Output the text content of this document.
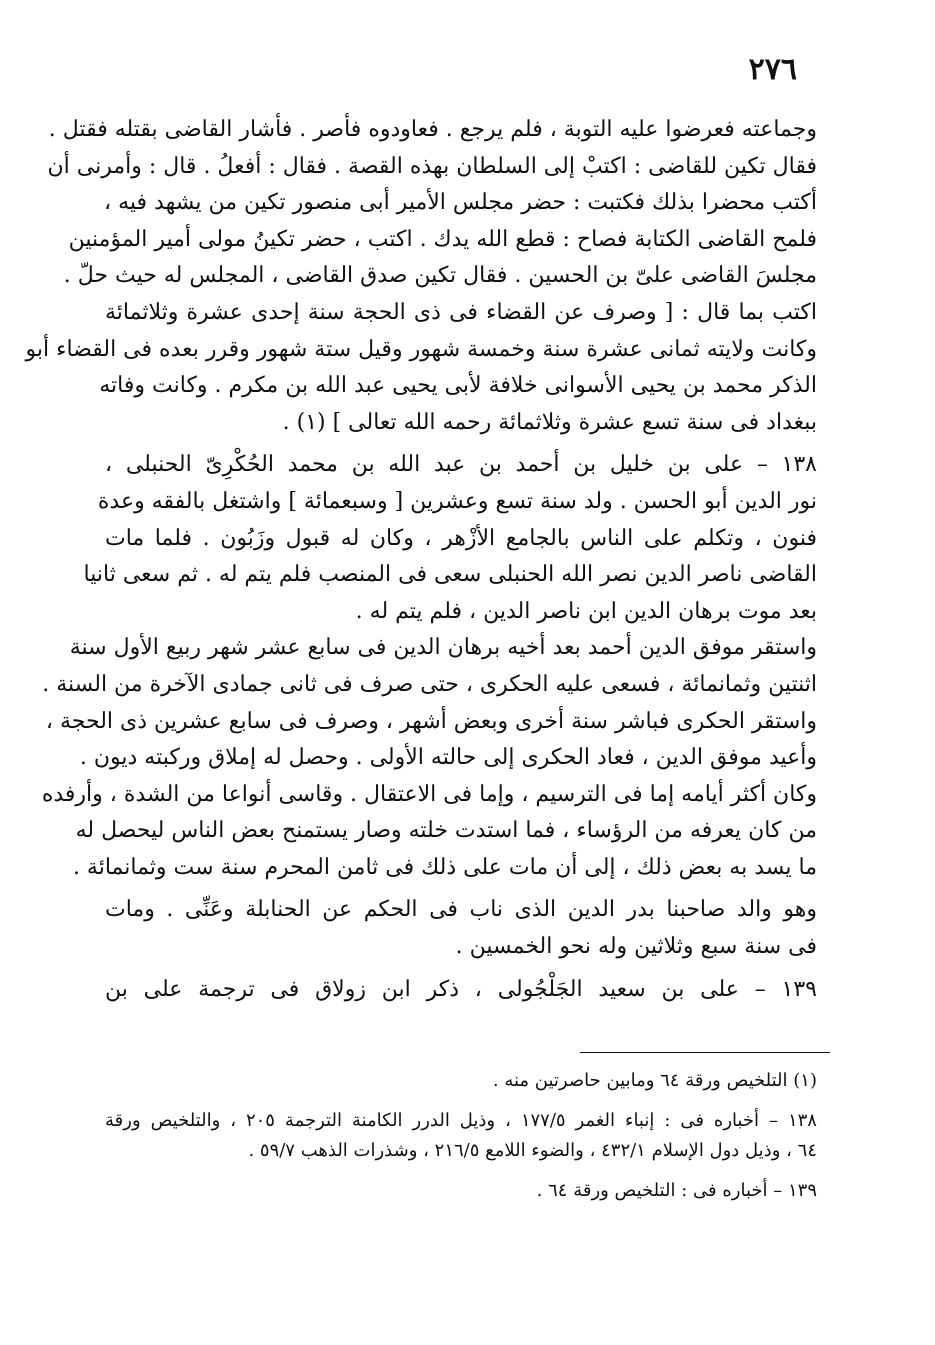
٢٧٦
وجماعته فعرضوا عليه التوبة ، فلم يرجع . فعاودوه فأصر . فأشار القاضى بقتله فقتل .
فقال تكين للقاضى : اكتبْ إلى السلطان بهذه القصة . فقال : أفعلُ . قال : وأمرنى أن
أكتب محضرا بذلك فكتبت : حضر مجلس الأمير أبى منصور تكين من يشهد فيه ،
فلمح القاضى الكتابة فصاح : قطع الله يدك . اكتب ، حضر تكينُ مولى أمير المؤمنين
مجلسَ القاضى علىّ بن الحسين . فقال تكين صدق القاضى ، المجلس له حيث حلّ .
اكتب بما قال : [ وصرف عن القضاء فى ذى الحجة سنة إحدى عشرة وثلاثمائة
وكانت ولايته ثمانى عشرة سنة وخمسة شهور وقيل ستة شهور وقرر بعده فى القضاء أبو
الذكر محمد بن يحيى الأسوانى خلافة لأبى يحيى عبد الله بن مكرم . وكانت وفاته
ببغداد فى سنة تسع عشرة وثلاثمائة رحمه الله تعالى ] (١) .
١٣٨ – على بن خليل بن أحمد بن عبد الله بن محمد الحُكْرِىّ الحنبلى ،
نور الدين أبو الحسن . ولد سنة تسع وعشرين [ وسبعمائة ] واشتغل بالفقه وعدة
فنون ، وتكلم على الناس بالجامع الأزْهر ، وكان له قبول وزَبُون . فلما مات
القاضى ناصر الدين نصر الله الحنبلى سعى فى المنصب فلم يتم له . ثم سعى ثانيا
بعد موت برهان الدين ابن ناصر الدين ، فلم يتم له .
واستقر موفق الدين أحمد بعد أخيه برهان الدين فى سابع عشر شهر ربيع الأول سنة
اثنتين وثمانمائة ، فسعى عليه الحكرى ، حتى صرف فى ثانى جمادى الآخرة من السنة .
واستقر الحكرى فباشر سنة أخرى وبعض أشهر ، وصرف فى سابع عشرين ذى الحجة ،
وأعيد موفق الدين ، فعاد الحكرى إلى حالته الأولى . وحصل له إملاق وركبته ديون .
وكان أكثر أيامه إما فى الترسيم ، وإما فى الاعتقال . وقاسى أنواعا من الشدة ، وأرفده
من كان يعرفه من الرؤساء ، فما استدت خلته وصار يستمنح بعض الناس ليحصل له
ما يسد به بعض ذلك ، إلى أن مات على ذلك فى ثامن المحرم سنة ست وثمانمائة .
وهو والد صاحبنا بدر الدين الذى ناب فى الحكم عن الحنابلة وعَنِّى . ومات
فى سنة سبع وثلاثين وله نحو الخمسين .
١٣٩ – على بن سعيد الجَلْجُولى ، ذكر ابن زولاق فى ترجمة على بن
(١) التلخيص ورقة ٦٤ ومابين حاصرتين منه .
١٣٨ – أخباره فى : إنباء الغمر ١٧٧/٥ ، وذيل الدرر الكامنة الترجمة ٢٠٥ ، والتلخيص ورقة
٦٤ ، وذيل دول الإسلام ٤٣٢/١ ، والضوء اللامع ٢١٦/٥ ، وشذرات الذهب ٥٩/٧ .
١٣٩ – أخباره فى : التلخيص ورقة ٦٤ .
